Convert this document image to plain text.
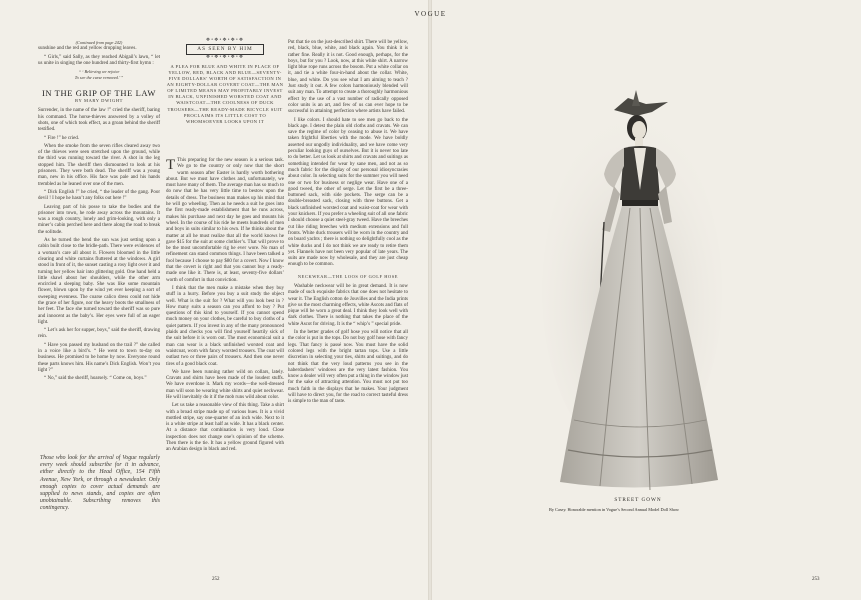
VOGUE
(Continued from page 242)

sunshine and the red and yellow dropping leaves.

“ Girls,” said Sally, as they reached Abigail’s lawn, “ let us unite in singing the one hundred and thirty-first hymn :

“ ‘ Believing we rejoice
To see the curse removed.’ ”
IN THE GRIP OF THE LAW
BY MARY DWIGHT

Surrender, in the name of the law !” cried the sheriff, baring his command. The horse-thieves answered by a volley of shots, one of which took effect, as a groan behind the sheriff testified.

“ Fire !” he cried.

When the smoke from the seven rifles cleared away two of the thieves were seen stretched upon the ground, while the third was running toward the river. A shot in the leg stopped him. The sheriff then dismounted to look at his prisoners. They were both dead. The sheriff was a young man, new in his office. His face was pale and his hands trembled as he leaned over one of the men.

“ Dick English !” he cried, “ the leader of the gang. Poor devil ! I hope he hasn’t any folks out here !”

Leaving part of his posse to take the bodies and the prisoner into town, he rode away across the mountains. It was a rough country, lonely and grim-looking, with only a miner’s cabin perched here and there along the road to break the solitude.

As he turned the bend the sun was just setting upon a cabin built close to the bridle-path. There were evidences of a woman’s care all about it. Flowers bloomed in the little clearing and white curtains fluttered at the windows. A girl stood in front of it, the sunset casting a rosy light over it and turning her yellow hair into glittering gold. One hand held a little shawl about her shoulders, while the other arm encircled a sleeping baby. She was like some mountain flower, blown upon by the wind yet ever keeping a sort of sweeping evenness. The coarse calico dress could not hide the grace of her figure, nor the heavy boots the smallness of her feet. The face she turned toward the sheriff was so pure and innocent as the baby’s. Her eyes were full of an eager light.

“ Let’s ask her for supper, boys,” said the sheriff, drawing rein.

“ Have you passed my husband on the trail ?” she called in a voice like a bird’s. “ He went to town to-day on business. He promised to be home by now. Everyone round these parts knows him. His name’s Dick English. Won’t you light ?”

“ No,” said the sheriff, hoarsely. “ Come on, boys.”

Those who look for the arrival of Vogue regularly every week should subscribe for it in advance, either directly to the Head Office, 154 Fifth Avenue, New York, or through a newsdealer. Only enough copies to cover actual demands are supplied to news stands, and copies are often unobtainable. Subscribing removes this contingency.
❖•❖•❖•❖•❖
AS SEEN BY HIM
❖•❖•❖•❖•❖
A PLEA FOR BLUE AND WHITE IN PLACE OF YELLOW, RED, BLACK AND BLUE—SEVENTY-FIVE DOLLARS’ WORTH OF SATISFACTION IN AN EIGHTY-DOLLAR COVERT COAT—THE MAN OF LIMITED MEANS MAY PROFITABLY INVEST IN BLACK, UNFINISHED WORSTED COAT AND WAISTCOAT—THE COOLNESS OF DUCK TROUSERS—THE READY-MADE BICYCLE SUIT PROCLAIMS ITS LITTLE COST TO WHOMSOEVER LOOKS UPON IT

T This preparing for the new season is a serious task. We go to the country or only now that the short warm season after Easter is hardly worth bothering about. But we must have clothes and, unfortunately, we must have many of them. The average man has so much to do now that he has very little time to bestow upon the details of dress. The business man makes up his mind that he will go wheeling. Then as he needs a suit he goes into the first ready-made establishment that he runs across, makes his purchase and next day he goes and mounts his wheel. In the course of his ride he meets hundreds of men and boys in suits similar to his own. If he thinks about the matter at all he must realize that all the world knows he gave $15 for the suit at some clothier’s. That will prove to be the most uncomfortable rig he ever wore. No man of refinement can stand common things. I have been talked a fool because I choose to pay $80 for a covert. Now I know that the covert is right and that you cannot buy a ready-made one like it. There is, at least, seventy-five dollars’ worth of comfort in that conviction.

I think that the men make a mistake when they buy stuff in a hurry. Before you buy a suit study the object well. What is the suit for ? What will you look best in ? How many suits a season can you afford to buy ? Put questions of this kind to yourself. If you cannot spend much money on your clothes, be careful to buy cloths of a quiet pattern. If you invest in any of the many pronounced plaids and checks you will find yourself heartily sick of the suit before it is worn out. The most economical suit a man can wear is a black unfinished worsted coat and waistcoat, worn with fancy worsted trousers. The coat will outlast two or three pairs of trousers. And then one never tires of a good black coat.

We have been running rather wild on collars, lately. Cravats and shirts have been made of the loudest stuffs. We have overdone it. Mark my words—the well-dressed man will soon be wearing white shirts and quiet neckwear. He will inevitably do it if the mob runs wild about color.

Let us take a reasonable view of this thing. Take a shirt with a broad stripe made up of various hues. It is a vivid mottled stripe, say one-quarter of an inch wide. Next to it is a white stripe at least half as wide. It has a black center. At a distance that combination is very loud. Close inspection does not change one’s opinion of the scheme. Then there is the tie. It has a yellow ground figured with an Arabian design in black and red.

Put that tie on the just-described shirt. There will be yellow, red, black, blue, white, and black again. You think it is rather fine. Really it is not. Good enough, perhaps, for the boys, but for you ? Look, now, at this white shirt. A narrow light blue rope runs across the bosom. Put a white collar on it, and tie a white four-in-hand about the collar. White, blue, and white. Do you see what I am aiming to teach ? Just study it out. A few colors harmoniously blended will suit any man. To attempt to create a thoroughly harmonious effect by the use of a vast number of radically opposed color units is an art, and few of us can ever hope to be successful in attaining perfection where artists have failed.

I like colors. I should hate to see men go back to the black age. I detest the plain old cloths and cravats. We can save the regime of color by ceasing to abuse it. We have taken frightful liberties with the mode. We have boldly asserted our ungodly individuality, and we have come very peculiar looking guys of ourselves. But it is never too late to do better. Let us look at shirts and cravats and suitings as something intended for wear by sane men, and not as so much fabric for the display of our personal idiosyncrasies about color. In selecting suits for the summer you will need one or two for business or neglige wear. Have one of a good tweed, the other of serge. Let the first be a three-buttoned sack, with side pockets. The serge can be a double-breasted sack, closing with three buttons. Get a black unfinished worsted coat and waist-coat for wear with your knickers. If you prefer a wheeling suit of all one fabric I should choose a quiet steel-gray tweed. Have the breeches cut like riding breeches with medium extensions and full fronts. White duck trousers will be worn in the country and on board yachts ; there is nothing so delightfully cool as the white ducks and I do not think we are ready to retire them yet. Flannels have not been very popular of late years. The suits are made now by wholesale, and they are just cheap enough to be common.

NECKWEAR—THE LOOS OF GOLF HOSE

Washable neckwear will be in great demand. It is now made of such exquisite fabrics that one does not hesitate to wear it. The English cotton de Jouvilles and the India prints give us the most charming effects, white Ascots and flats of pique will be worn a great deal. I think they look well with dark clothes. There is nothing that takes the place of the white Ascot for driving. It is the “ whip’s ” special pride.

In the better grades of golf hose you will notice that all the color is put in the tops. Do not buy golf hose with fancy legs. That fancy is passé now. You must have the solid colored legs with the bright tartan tops. Use a little discretion in selecting your ties, shirts and suitings, and do not think that the very loud patterns you see in the haberdashers’ windows are the very latest fashion. You know a dealer will very often put a thing in the window just for the sake of attracting attention. You must not put too much faith in the displays that he makes. Your judgment will have to direct you, for the road to correct tasteful dress is simple to the man of taste.

252	253
STREET GOWN
By Casey. Honorable mention in Vogue’s Second Annual Model Doll Show
